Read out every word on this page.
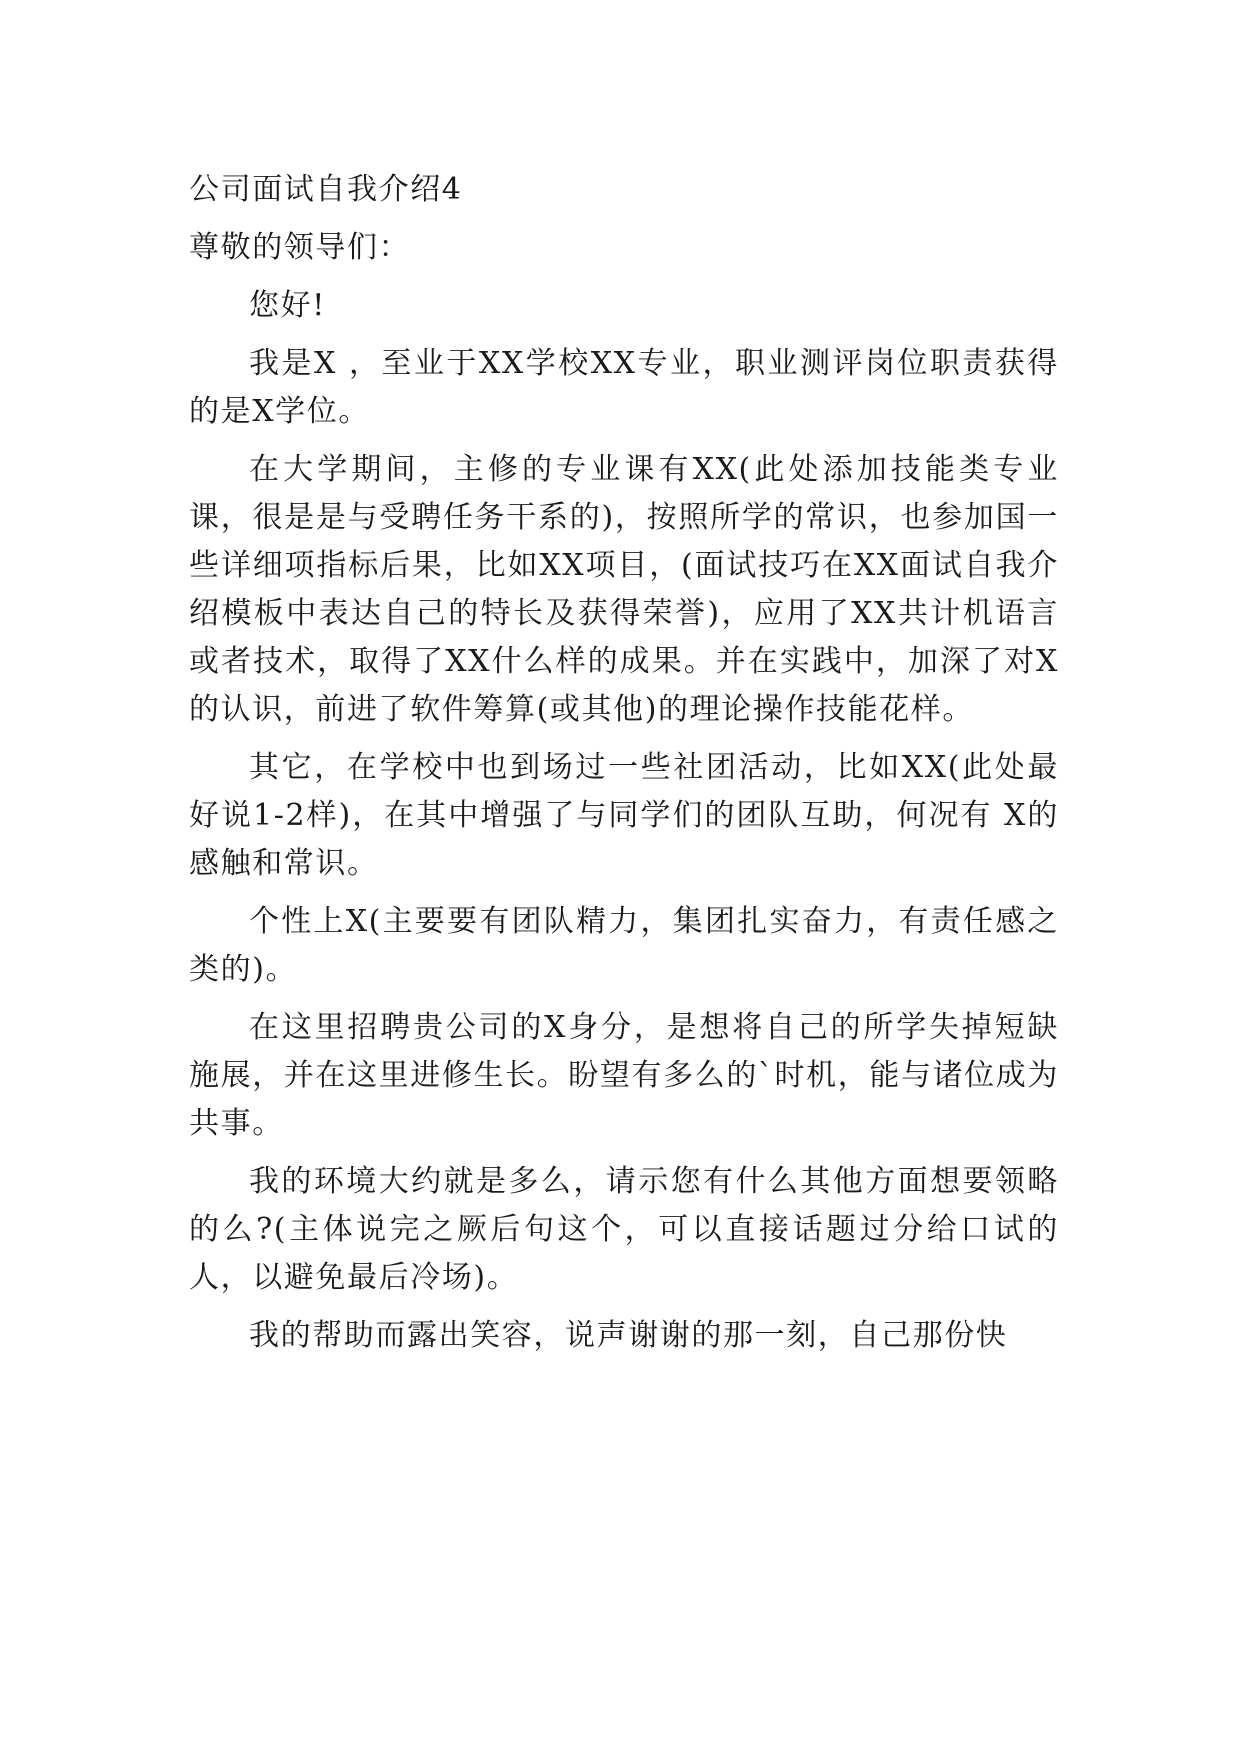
公司面试自我介绍4
尊敬的领导们：

您好!

我是X ，至业于XX学校XX专业，职业测评岗位职责获得的是X学位。

在大学期间，主修的专业课有XX(此处添加技能类专业课，很是是与受聘任务干系的)，按照所学的常识，也参加国一些详细项指标后果，比如XX项目，(面试技巧在XX面试自我介绍模板中表达自己的特长及获得荣誉)，应用了XX共计机语言或者技术，取得了XX什么样的成果。并在实践中，加深了对X的认识，前进了软件筹算(或其他)的理论操作技能花样。

其它，在学校中也到场过一些社团活动，比如XX(此处最好说1-2样)，在其中增强了与同学们的团队互助，何况有 X的感触和常识。

个性上X(主要要有团队精力，集团扎实奋力，有责任感之类的)。

在这里招聘贵公司的X身分，是想将自己的所学失掉短缺施展，并在这里进修生长。盼望有多么的`时机，能与诸位成为共事。

我的环境大约就是多么，请示您有什么其他方面想要领略的么?(主体说完之厥后句这个，可以直接话题过分给口试的人，以避免最后冷场)。

我的帮助而露出笑容，说声谢谢的那一刻，自己那份快
